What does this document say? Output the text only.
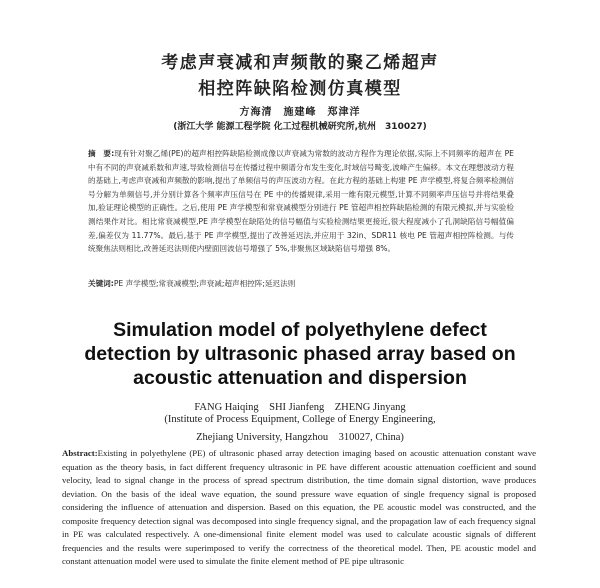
考虑声衰减和声频散的聚乙烯超声
相控阵缺陷检测仿真模型
方海清　施建峰　郑津洋
(浙江大学 能源工程学院 化工过程机械研究所,杭州　310027)
摘　要:现有针对聚乙烯(PE)的超声相控阵缺陷检测成像以声衰减为常数的波动方程作为理论依据,实际上不同频率的超声在 PE 中有不同的声衰减系数和声速,导致检测信号在传播过程中频谱分布发生变化,时域信号畸变,波峰产生偏移。本文在理想波动方程的基础上,考虑声衰减和声频散的影响,提出了单频信号的声压波动方程。在此方程的基础上构建 PE 声学模型,将复合频率检测信号分解为单频信号,并分别计算各个频率声压信号在 PE 中的传播规律,采用一维有限元模型,计算不同频率声压信号并将结果叠加,验证理论模型的正确性。之后,使用 PE 声学模型和常衰减模型分别进行 PE 管超声相控阵缺陷检测的有限元模拟,并与实验检测结果作对比。相比常衰减模型,PE 声学模型在缺陷处的信号幅值与实验检测结果更接近,很大程度减小了孔洞缺陷信号幅值偏差,偏差仅为 11.77%。最后,基于 PE 声学模型,提出了改善延迟法,并应用于 32in、SDR11 核电 PE 管超声相控阵检测。与传统聚焦法则相比,改善延迟法则使内壁面回波信号增强了 5%,非聚焦区域缺陷信号增强 8%。
关键词:PE 声学模型;常衰减模型;声衰减;超声相控阵;延迟法则
Simulation model of polyethylene defect
detection by ultrasonic phased array based on
acoustic attenuation and dispersion
FANG Haiqing　SHI Jianfeng　ZHENG Jinyang
(Institute of Process Equipment, College of Energy Engineering,
Zhejiang University, Hangzhou　310027, China)
Abstract:Existing in polyethylene (PE) of ultrasonic phased array detection imaging based on acoustic attenuation constant wave equation as the theory basis, in fact different frequency ultrasonic in PE have different acoustic attenuation coefficient and sound velocity, lead to signal change in the process of spread spectrum distribution, the time domain signal distortion, wave produces deviation. On the basis of the ideal wave equation, the sound pressure wave equation of single frequency signal is proposed considering the influence of attenuation and dispersion. Based on this equation, the PE acoustic model was constructed, and the composite frequency detection signal was decomposed into single frequency signal, and the propagation law of each frequency signal in PE was calculated respectively. A one-dimensional finite element model was used to calculate acoustic signals of different frequencies and the results were superimposed to verify the correctness of the theoretical model. Then, PE acoustic model and constant attenuation model were used to simulate the finite element method of PE pipe ultrasonic
